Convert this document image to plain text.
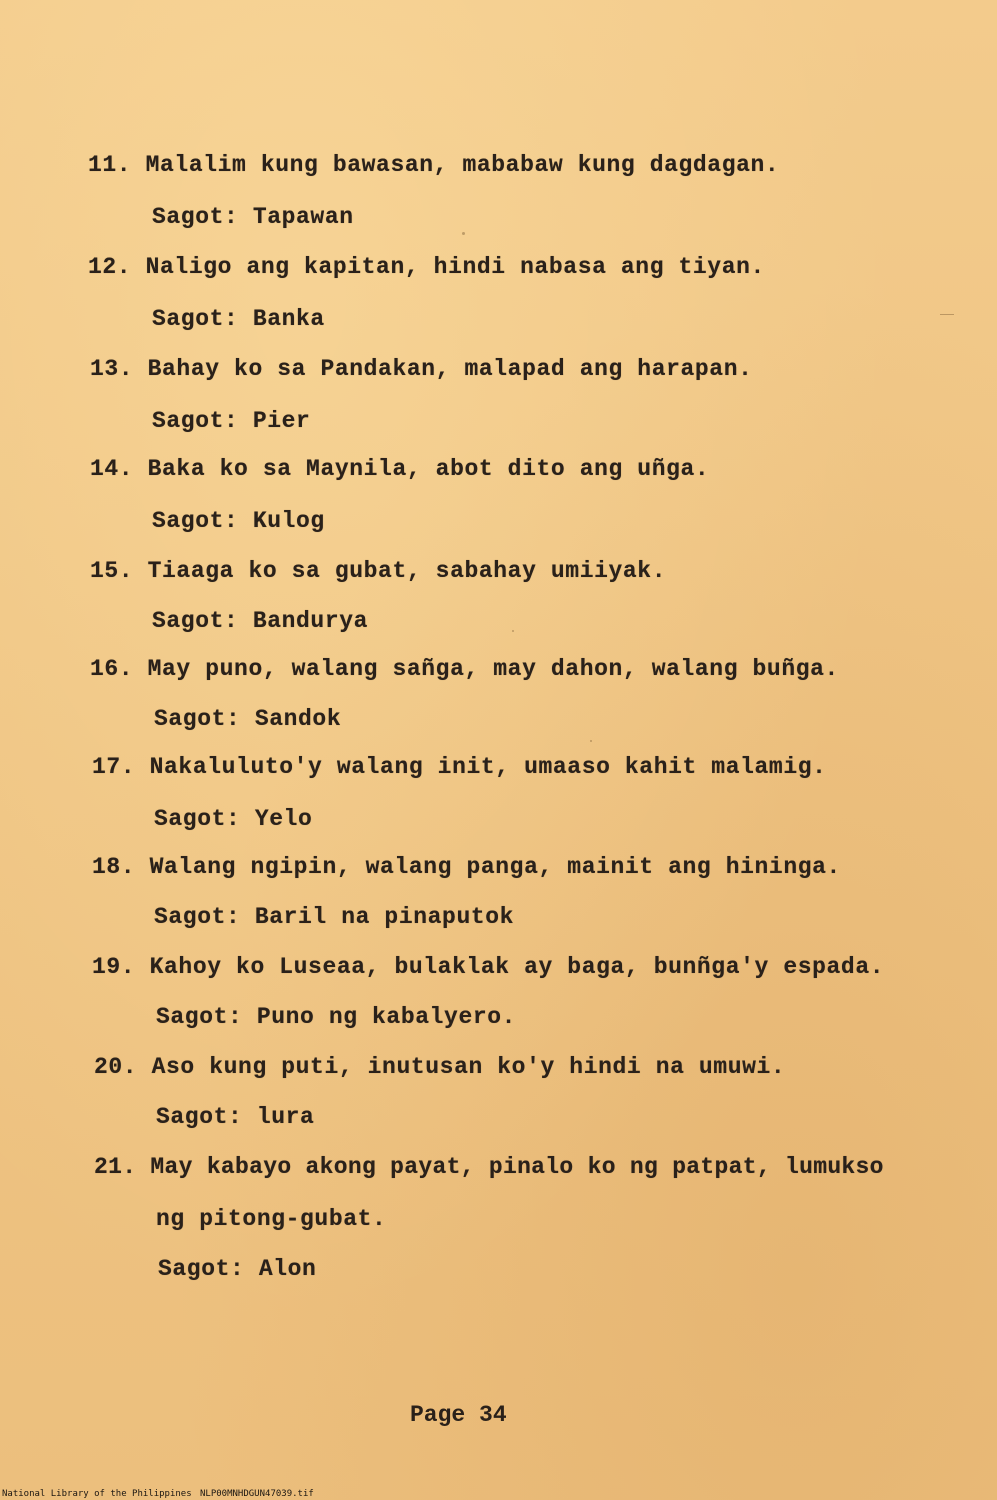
11. Malalim kung bawasan, mababaw kung dagdagan.
Sagot: Tapawan
12. Naligo ang kapitan, hindi nabasa ang tiyan.
Sagot: Banka
13. Bahay ko sa Pandakan, malapad ang harapan.
Sagot: Pier
14. Baka ko sa Maynila, abot dito ang uñga.
Sagot: Kulog
15. Tiaaga ko sa gubat, sabahay umiiyak.
Sagot: Bandurya
16. May puno, walang sañga, may dahon, walang buñga.
Sagot: Sandok
17. Nakaluluto'y walang init, umaaso kahit malamig.
Sagot: Yelo
18. Walang ngipin, walang panga, mainit ang hininga.
Sagot: Baril na pinaputok
19. Kahoy ko Luseaa, bulaklak ay baga, bunñga'y espada.
Sagot: Puno ng kabalyero.
20. Aso kung puti, inutusan ko'y hindi na umuwi.
Sagot: lura
21. May kabayo akong payat, pinalo ko ng patpat, lumukso
ng pitong-gubat.
Sagot: Alon
Page 34
National Library of the Philippines NLP00MNHDGUN47039.tif
